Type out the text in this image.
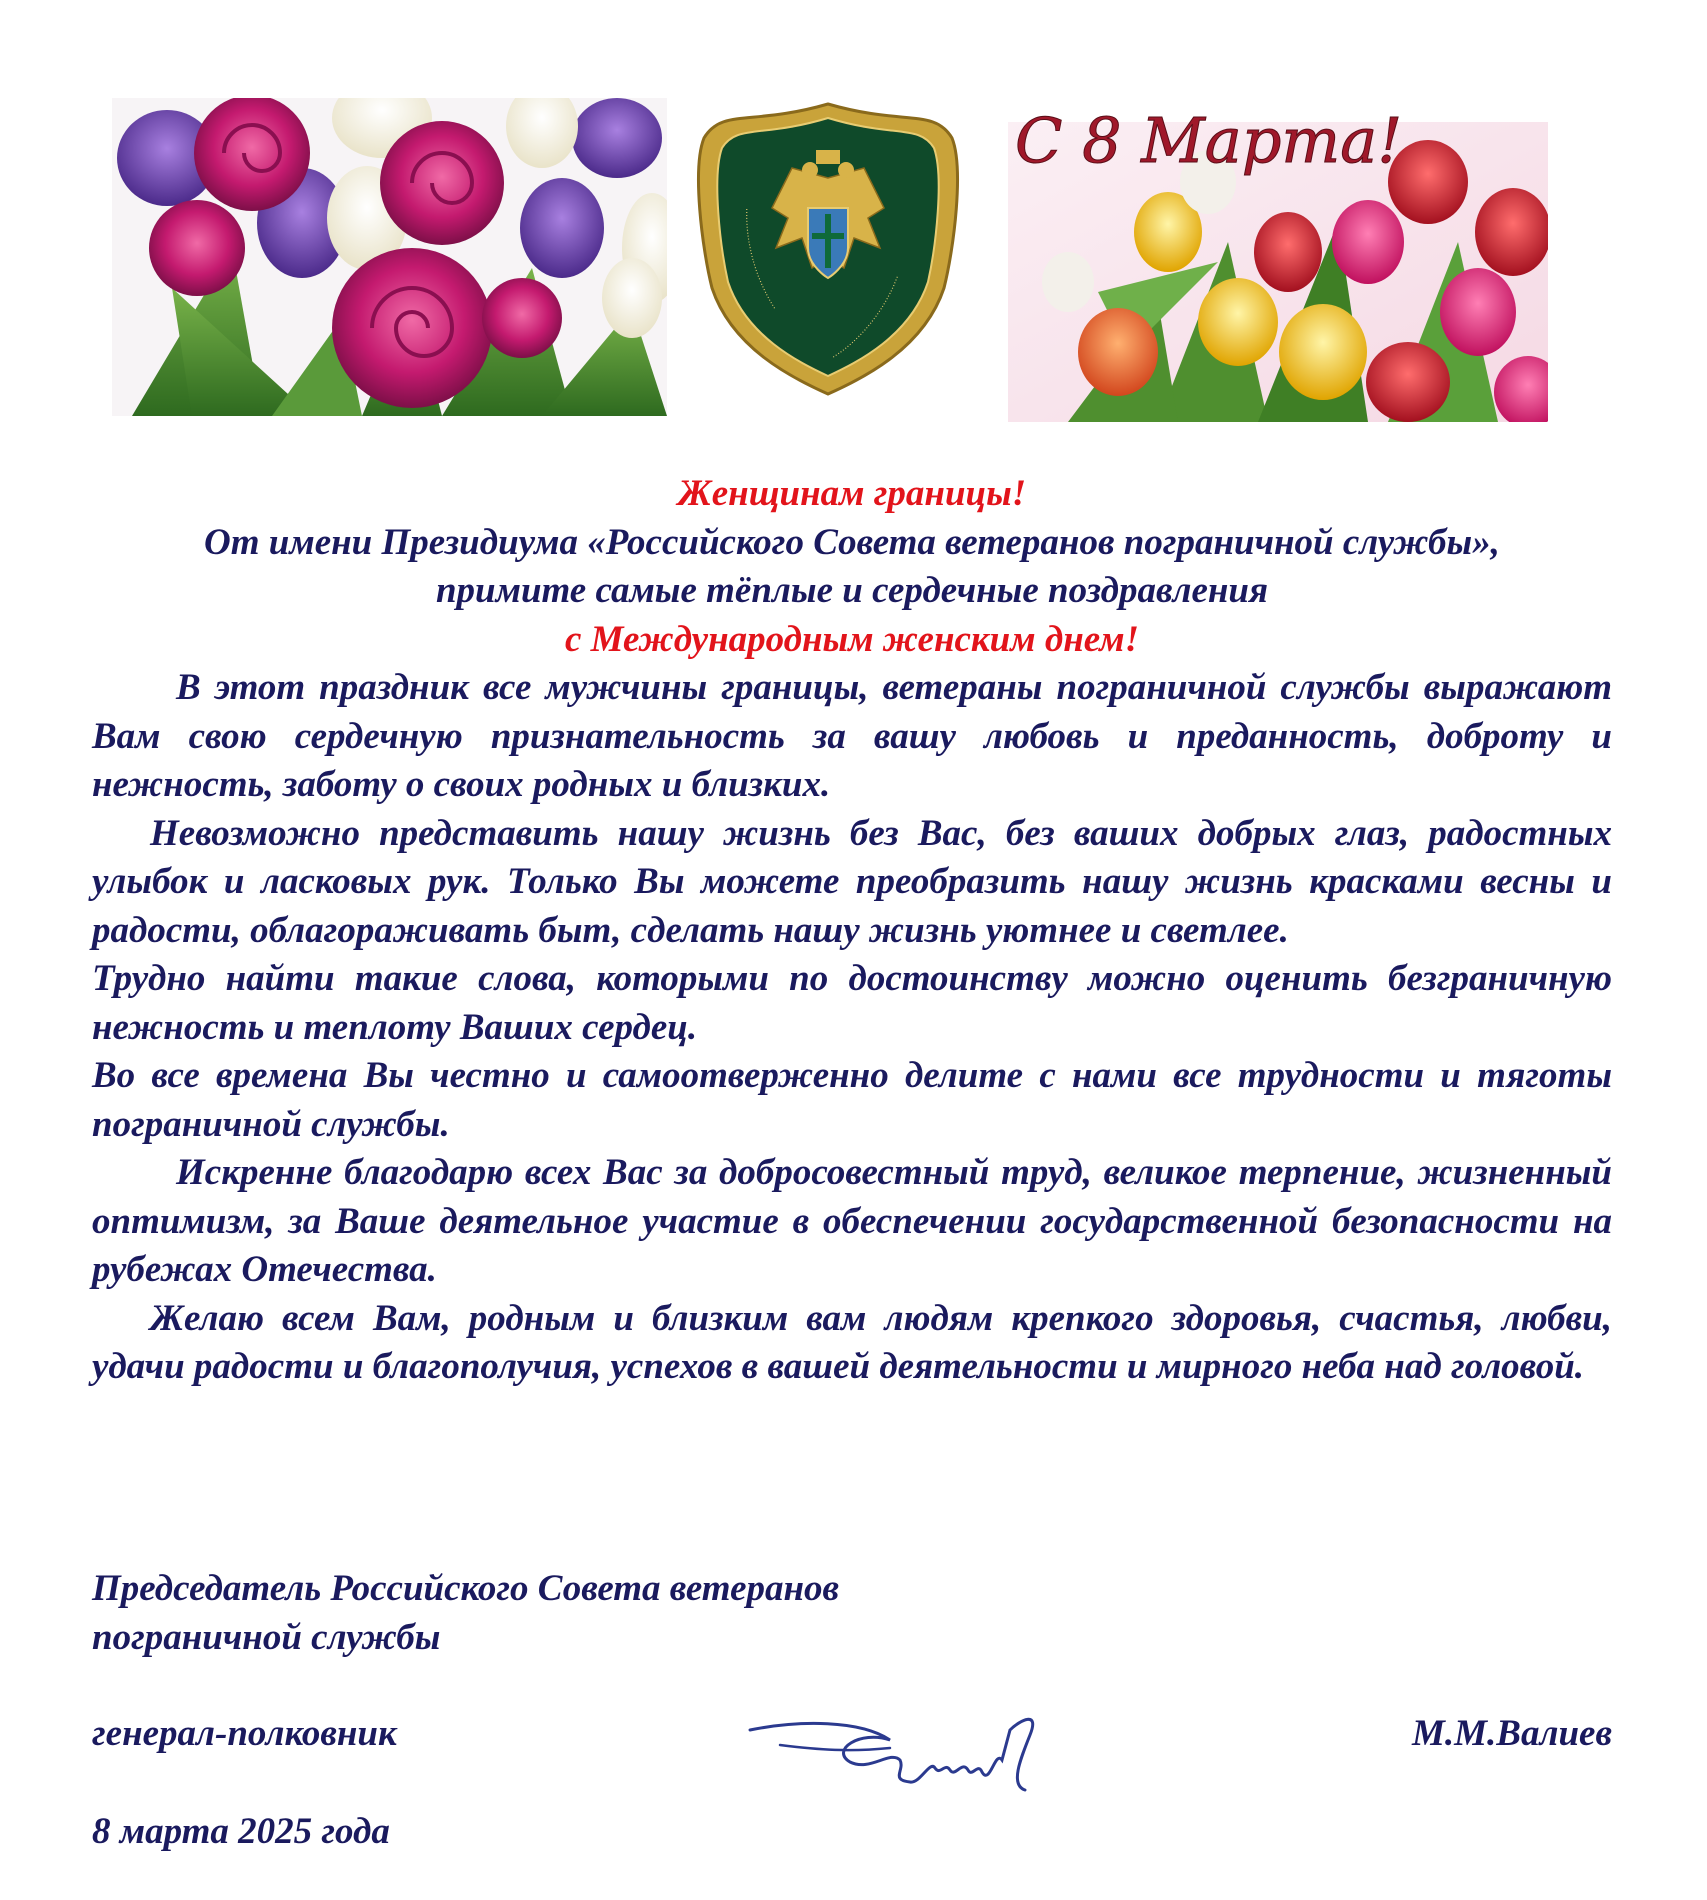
⋯⋯⋯⋯⋯⋯⋯⋯⋯⋯⋯⋯
⋯⋯⋯⋯⋯⋯⋯⋯⋯⋯⋯⋯
С 8 Марта!

Женщинам границы!

От имени Президиума «Российского Совета ветеранов пограничной службы»,

примите самые тёплые и сердечные поздравления

с Международным женским днем!

В этот праздник все мужчины границы, ветераны пограничной службы выражают Вам свою сердечную признательность за вашу любовь и преданность, доброту и нежность, заботу о своих родных и близких.

Невозможно представить нашу жизнь без Вас, без ваших добрых глаз, радостных улыбок и ласковых рук. Только Вы можете преобразить нашу жизнь красками весны и радости, облагораживать быт, сделать нашу жизнь уютнее и светлее.

Трудно найти такие слова, которыми по достоинству можно оценить безграничную нежность и теплоту Ваших сердец.

Во все времена Вы честно и самоотверженно делите с нами все трудности и тяготы пограничной службы.

Искренне благодарю всех Вас за добросовестный труд, великое терпение, жизненный оптимизм, за Ваше деятельное участие в обеспечении государственной безопасности на рубежах Отечества.

Желаю всем Вам, родным и близким вам людям крепкого здоровья, счастья, любви, удачи радости и благополучия, успехов в вашей деятельности и мирного неба над головой.

Председатель Российского Совета ветеранов
пограничной службы
генерал-полковник	М.М.Валиев
8 марта 2025 года
